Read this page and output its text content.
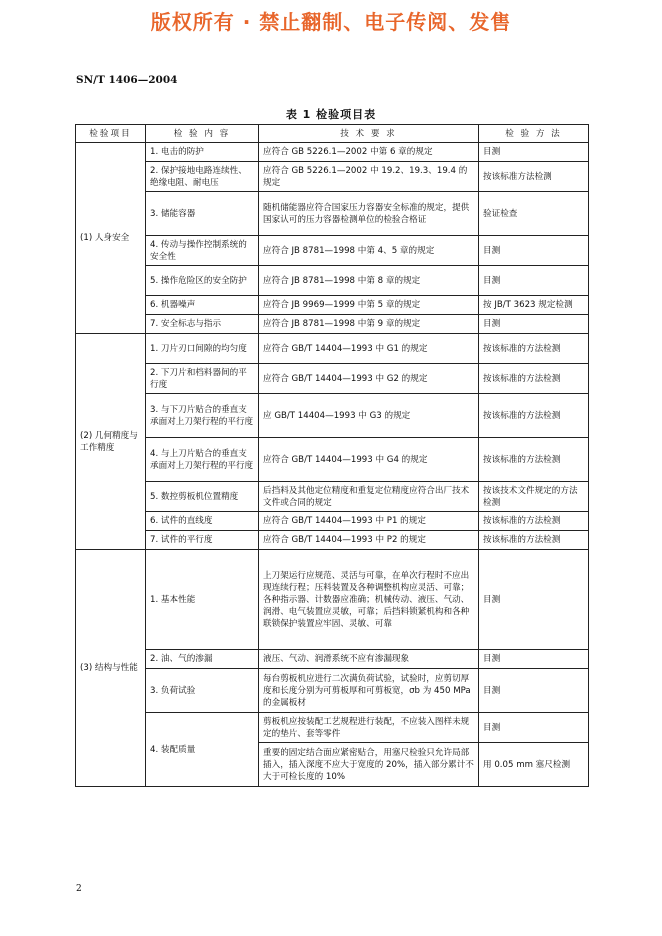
版权所有 · 禁止翻制、电子传阅、发售
SN/T 1406—2004
表 1 检验项目表
检验项目	检 验 内 容	技 术 要 求	检 验 方 法
(1) 人身安全	1. 电击的防护	应符合 GB 5226.1—2002 中第 6 章的规定	目测
	2. 保护接地电路连续性、绝缘电阻、耐电压	应符合 GB 5226.1—2002 中 19.2、19.3、19.4 的规定	按该标准方法检测
	3. 储能容器	随机储能器应符合国家压力容器安全标准的规定，提供国家认可的压力容器检测单位的检验合格证	验证检查
	4. 传动与操作控制系统的安全性	应符合 JB 8781—1998 中第 4、5 章的规定	目测
	5. 操作危险区的安全防护	应符合 JB 8781—1998 中第 8 章的规定	目测
	6. 机器噪声	应符合 JB 9969—1999 中第 5 章的规定	按 JB/T 3623 规定检测
	7. 安全标志与指示	应符合 JB 8781—1998 中第 9 章的规定	目测
(2) 几何精度与工作精度	1. 刀片刃口间隙的均匀度	应符合 GB/T 14404—1993 中 G1 的规定	按该标准的方法检测
	2. 下刀片和档料器间的平行度	应符合 GB/T 14404—1993 中 G2 的规定	按该标准的方法检测
	3. 与下刀片贴合的垂直支承面对上刀架行程的平行度	应 GB/T 14404—1993 中 G3 的规定	按该标准的方法检测
	4. 与上刀片贴合的垂直支承面对上刀架行程的平行度	应符合 GB/T 14404—1993 中 G4 的规定	按该标准的方法检测
	5. 数控剪板机位置精度	后挡料及其他定位精度和重复定位精度应符合出厂技术文件或合同的规定	按该技术文件规定的方法检测
	6. 试件的直线度	应符合 GB/T 14404—1993 中 P1 的规定	按该标准的方法检测
	7. 试件的平行度	应符合 GB/T 14404—1993 中 P2 的规定	按该标准的方法检测
(3) 结构与性能	1. 基本性能	上刀架运行应规范、灵活与可靠，在单次行程时不应出现连续行程；压料装置及各种调整机构应灵活、可靠；各种指示器、计数器应准确；机械传动、液压、气动、润滑、电气装置应灵敏，可靠；后挡料锁紧机构和各种联锁保护装置应牢固、灵敏、可靠	目测
	2. 油、气的渗漏	液压、气动、润滑系统不应有渗漏现象	目测
	3. 负荷试验	每台剪板机应进行二次满负荷试验，试验时，应剪切厚度和长度分别为可剪板厚和可剪板宽，σb 为 450 MPa 的金属板材	目测
	4. 装配质量	剪板机应按装配工艺规程进行装配，不应装入图样未规定的垫片、套等零件	目测
		重要的固定结合面应紧密贴合，用塞尺检验只允许局部插入，插入深度不应大于宽度的 20%，插入部分累计不大于可检长度的 10%	用 0.05 mm 塞尺检测
2
